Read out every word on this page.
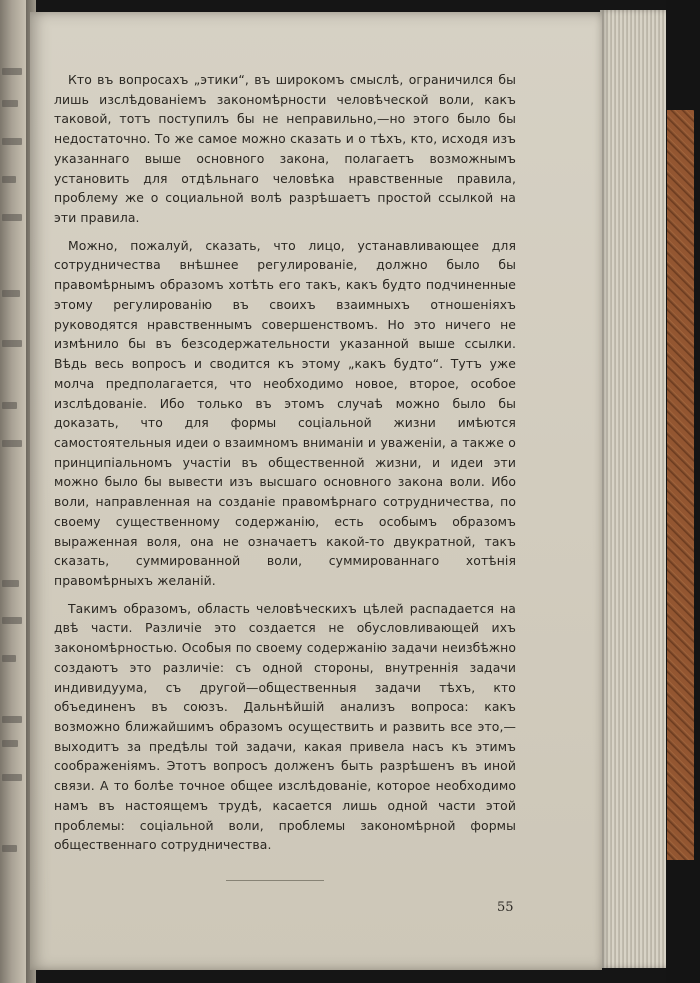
Кто въ вопросахъ „этики“, въ широкомъ смыслѣ, ограничился бы лишь изслѣдованіемъ закономѣрности человѣческой воли, какъ таковой, тотъ поступилъ бы не неправильно,—но этого было бы недостаточно. То же самое можно сказать и о тѣхъ, кто, исходя изъ указаннаго выше основного закона, полагаетъ возможнымъ установить для отдѣльнаго человѣка нравственные правила, проблему же о социальной волѣ разрѣшаетъ простой ссылкой на эти правила.

Можно, пожалуй, сказать, что лицо, устанавливающее для сотрудничества внѣшнее регулированіе, должно было бы правомѣрнымъ образомъ хотѣть его такъ, какъ будто подчиненные этому регулированію въ своихъ взаимныхъ отношеніяхъ руководятся нравственнымъ совершенствомъ. Но это ничего не измѣнило бы въ безсодержательности указанной выше ссылки. Вѣдь весь вопросъ и сводится къ этому „какъ будто“. Тутъ уже молча предполагается, что необходимо новое, второе, особое изслѣдованіе. Ибо только въ этомъ случаѣ можно было бы доказать, что для формы соціальной жизни имѣются самостоятельныя идеи о взаимномъ вниманіи и уваженіи, а также о принципіальномъ участіи въ общественной жизни, и идеи эти можно было бы вывести изъ высшаго основного закона воли. Ибо воли, направленная на созданіе правомѣрнаго сотрудничества, по своему существенному содержанію, есть особымъ образомъ выраженная воля, она не означаетъ какой-то двукратной, такъ сказать, суммированной воли, суммированнаго хотѣнія правомѣрныхъ желаній.

Такимъ образомъ, область человѣческихъ цѣлей распадается на двѣ части. Различіе это создается не обусловливающей ихъ закономѣрностью. Особыя по своему содержанію задачи неизбѣжно создаютъ это различіе: съ одной стороны, внутреннія задачи индивидуума, съ другой—общественныя задачи тѣхъ, кто объединенъ въ союзъ. Дальнѣйшій анализъ вопроса: какъ возможно ближайшимъ образомъ осуществить и развить все это,—выходитъ за предѣлы той задачи, какая привела насъ къ этимъ соображеніямъ. Этотъ вопросъ долженъ быть разрѣшенъ въ иной связи. А то болѣе точное общее изслѣдованіе, которое необходимо намъ въ настоящемъ трудѣ, касается лишь одной части этой проблемы: соціальной воли, проблемы закономѣрной формы общественнаго сотрудничества.

55
